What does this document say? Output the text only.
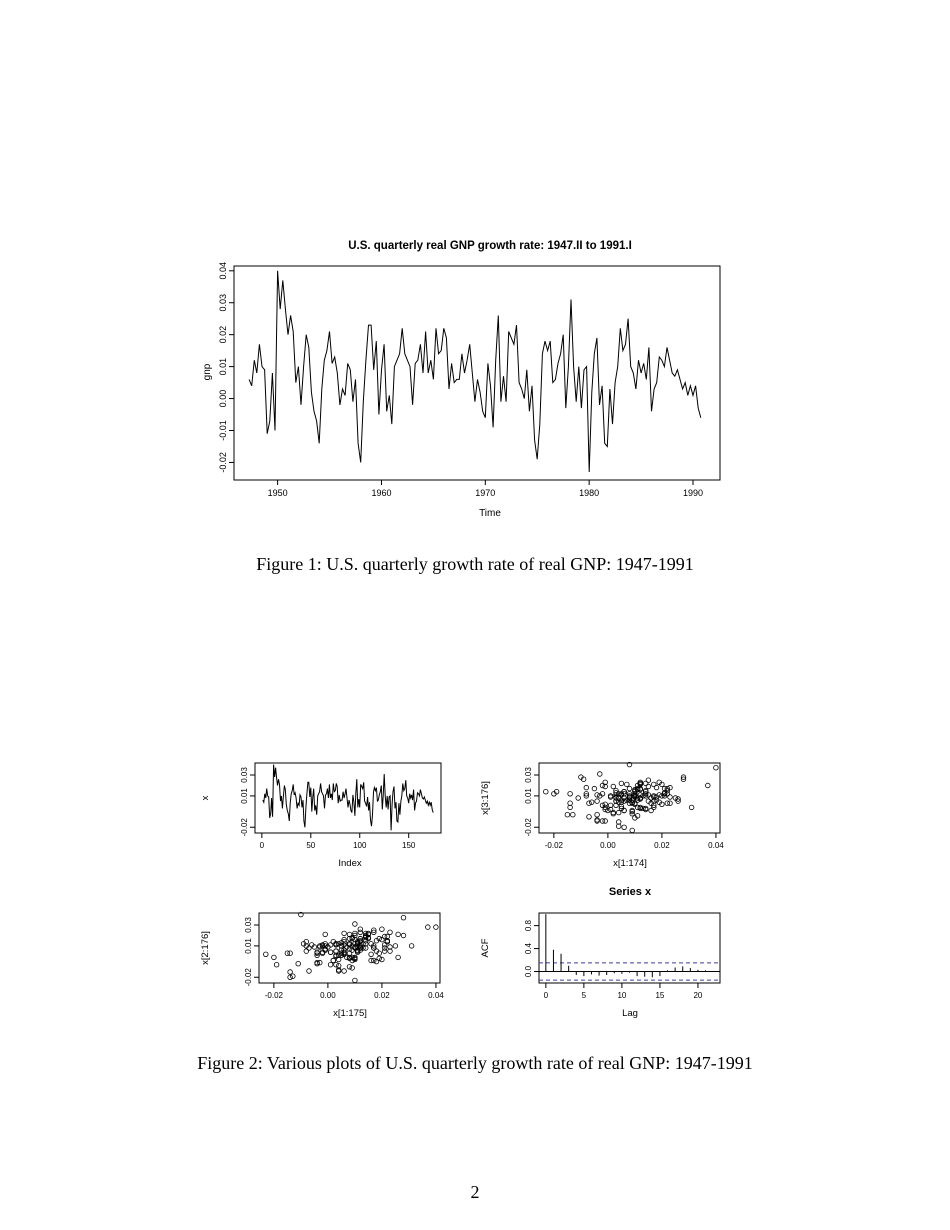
U.S. quarterly real GNP growth rate: 1947.II to 1991.I
1950	1960	1970	1980	1990
-0.02
-0.01
0.00
0.01
0.02
0.03
0.04
Time
gnp
Figure 1: U.S. quarterly growth rate of real GNP: 1947-1991
0	50	100	150
-0.02
0.01
0.03
Index
x
-0.02	0.00	0.02	0.04
-0.02
0.01
0.03
x[1:174]
x[3:176]
-0.02	0.00	0.02	0.04
-0.02
0.01
0.03
x[1:175]
x[2:176]
Series x
0	5	10	15	20
0.0
0.4
0.8
Lag
ACF
Figure 2: Various plots of U.S. quarterly growth rate of real GNP: 1947-1991
2
